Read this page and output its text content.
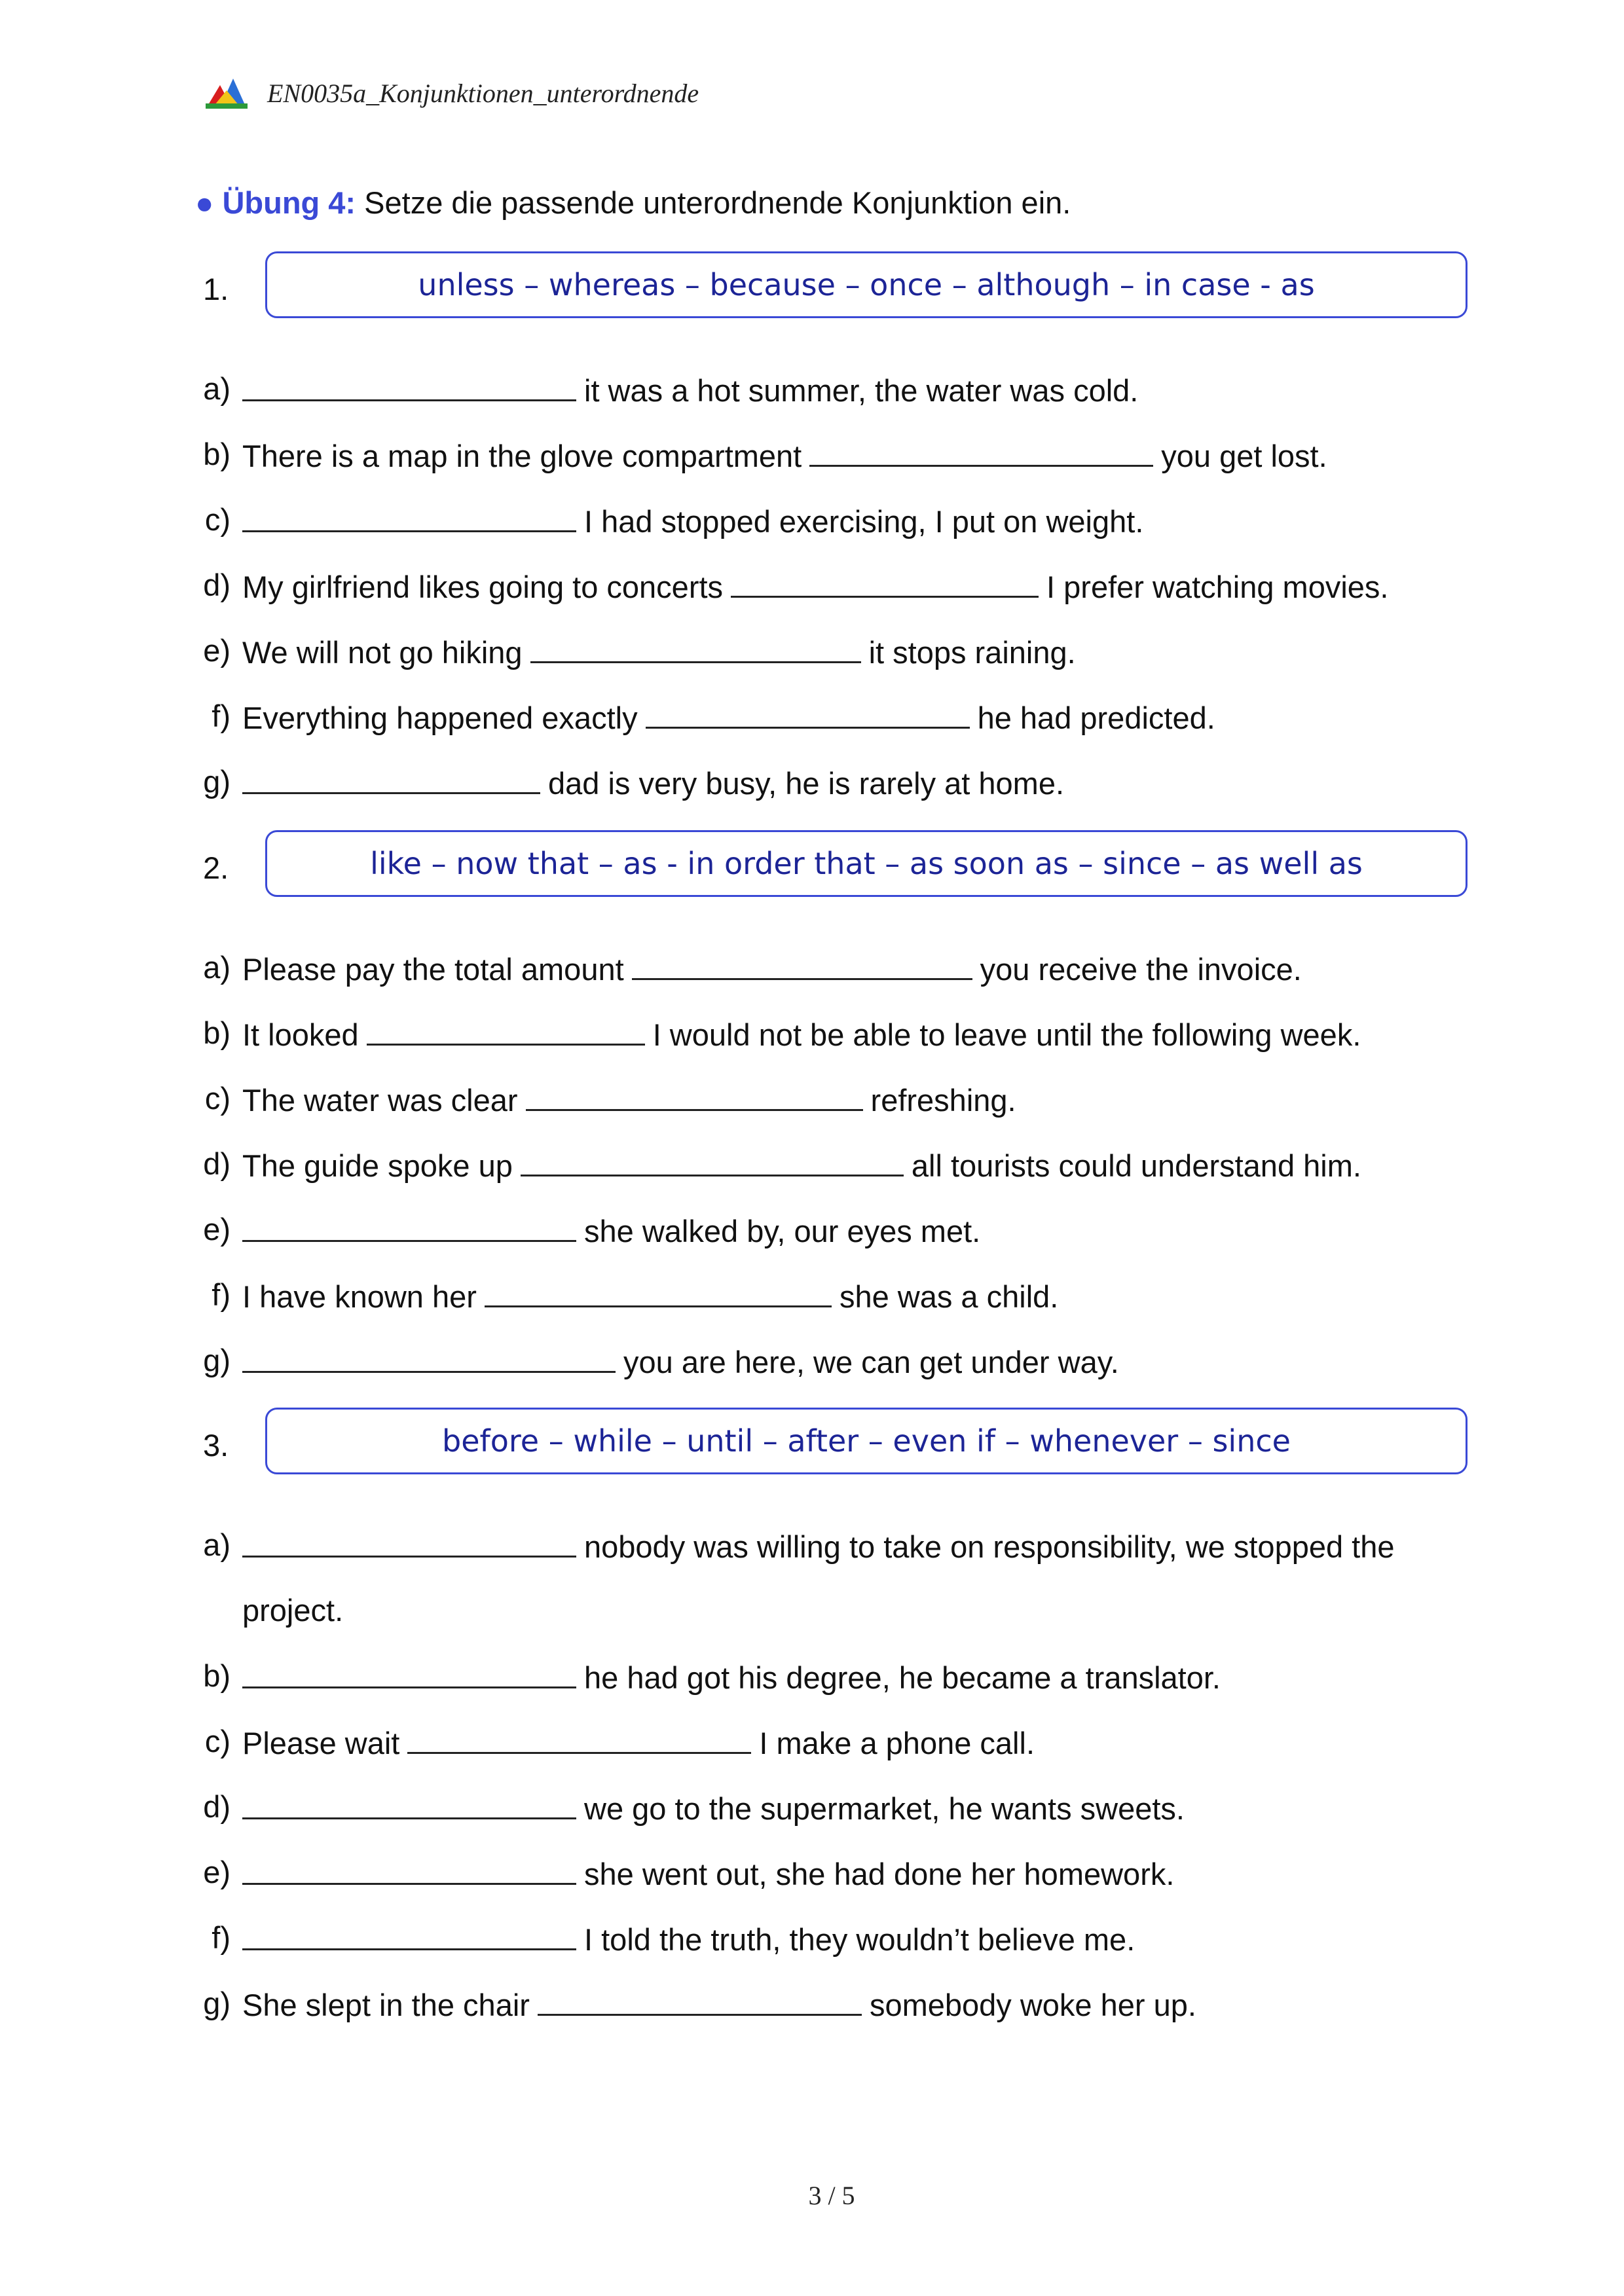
EN0035a_Konjunktionen_unterordnende
● Übung 4: Setze die passende unterordnende Konjunktion ein.
1.	unless – whereas – because – once – although – in case - as
a)	it was a hot summer, the water was cold.
b) There is a map in the glove compartment	you get lost.
c)	I had stopped exercising, I put on weight.
d) My girlfriend likes going to concerts	I prefer watching movies.
e) We will not go hiking	it stops raining.
f) Everything happened exactly	he had predicted.
g)	dad is very busy, he is rarely at home.
2.	like – now that – as - in order that – as soon as – since – as well as
a) Please pay the total amount	you receive the invoice.
b) It looked	I would not be able to leave until the following week.
c) The water was clear	refreshing.
d) The guide spoke up	all tourists could understand him.
e)	she walked by, our eyes met.
f) I have known her	she was a child.
g)	you are here, we can get under way.
3.	before – while – until – after – even if – whenever – since
a)	nobody was willing to take on responsibility, we stopped the
project.
b)	he had got his degree, he became a translator.
c) Please wait	I make a phone call.
d)	we go to the supermarket, he wants sweets.
e)	she went out, she had done her homework.
f)	I told the truth, they wouldn’t believe me.
g) She slept in the chair	somebody woke her up.
3 / 5
